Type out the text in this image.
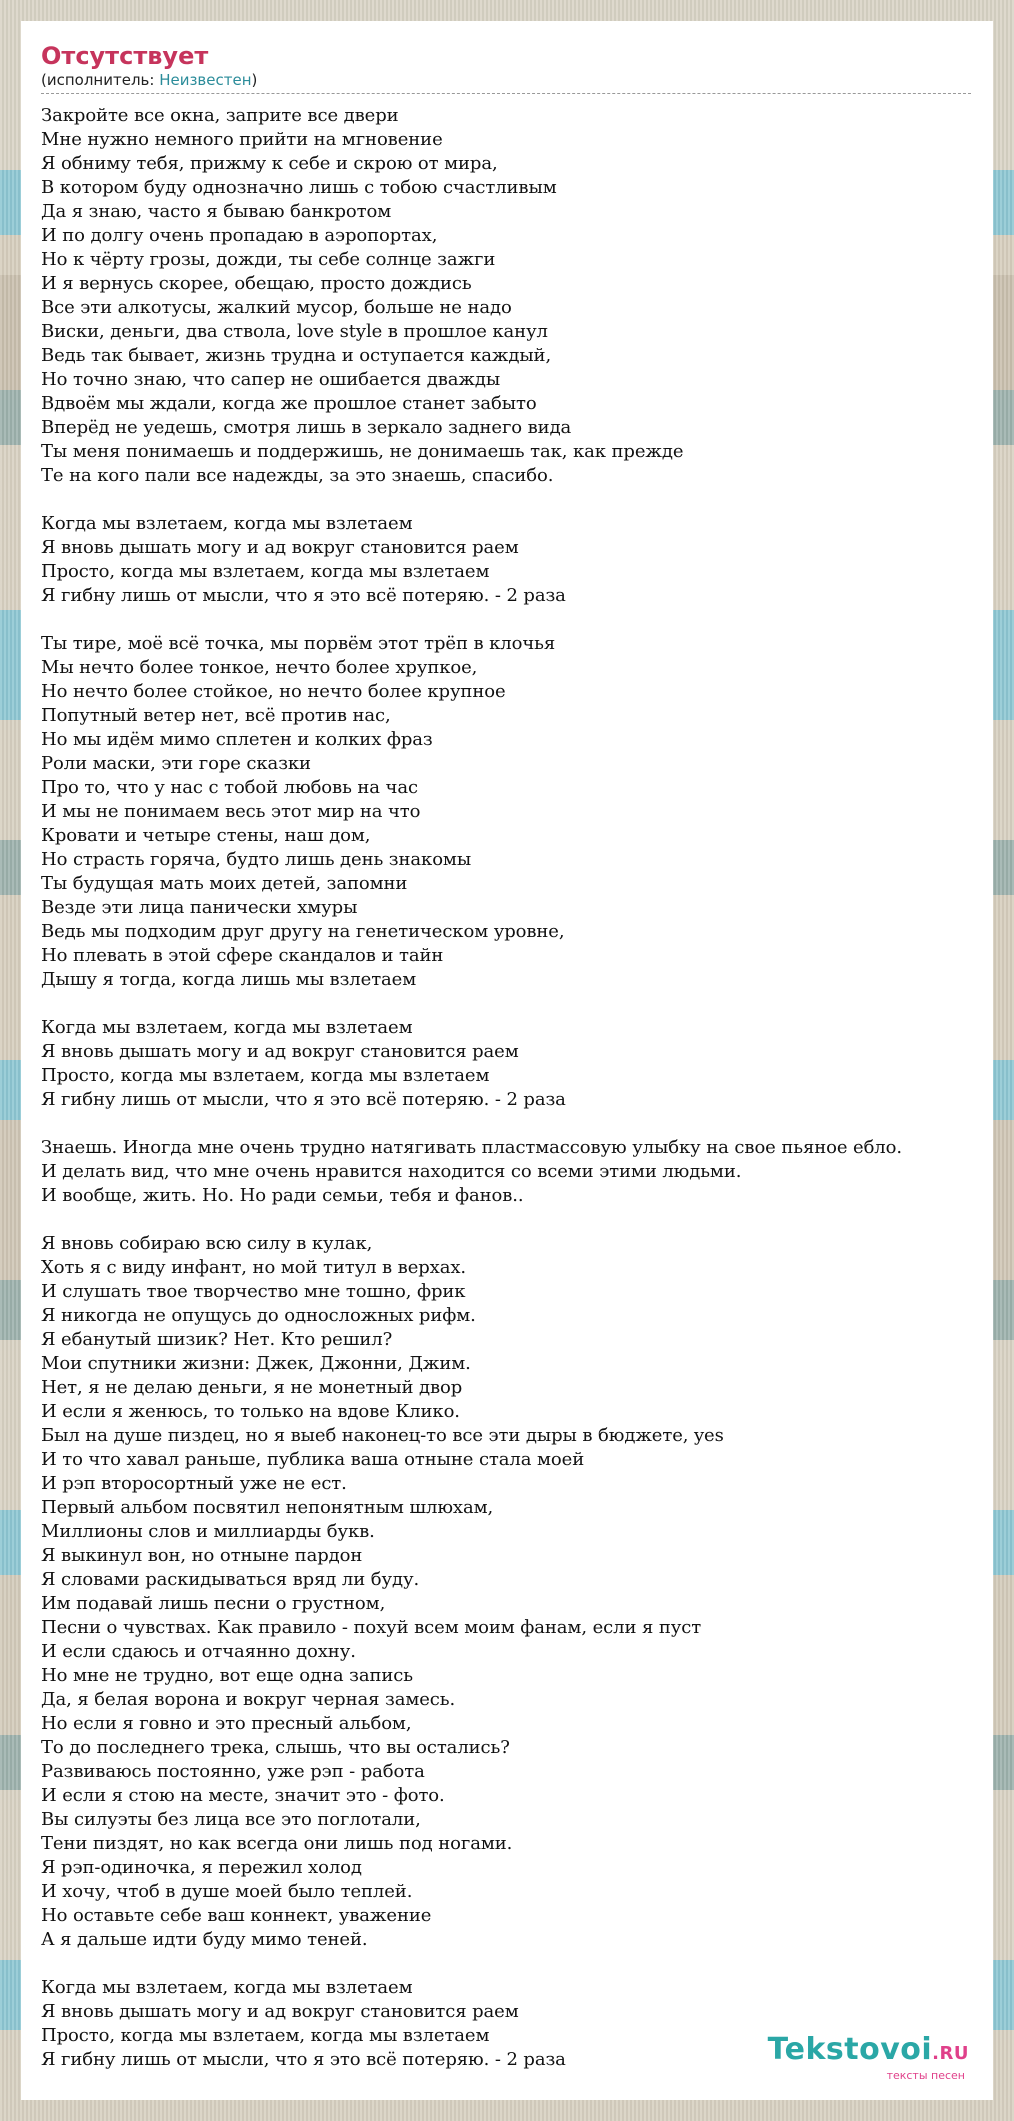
Отсутствует
(исполнитель: Неизвестен)
Закройте все окна, заприте все двери
Мне нужно немного прийти на мгновение
Я обниму тебя, прижму к себе и скрою от мира,
В котором буду однозначно лишь с тобою счастливым
Да я знаю, часто я бываю банкротом
И по долгу очень пропадаю в аэропортах,
Но к чёрту грозы, дожди, ты себе солнце зажги
И я вернусь скорее, обещаю, просто дождись
Все эти алкотусы, жалкий мусор, больше не надо
Виски, деньги, два ствола, love style в прошлое канул
Ведь так бывает, жизнь трудна и оступается каждый,
Но точно знаю, что сапер не ошибается дважды
Вдвоём мы ждали, когда же прошлое станет забыто
Вперёд не уедешь, смотря лишь в зеркало заднего вида
Ты меня понимаешь и поддержишь, не донимаешь так, как прежде
Те на кого пали все надежды, за это знаешь, спасибо.

Когда мы взлетаем, когда мы взлетаем
Я вновь дышать могу и ад вокруг становится раем
Просто, когда мы взлетаем, когда мы взлетаем
Я гибну лишь от мысли, что я это всё потеряю. - 2 раза

Ты тире, моё всё точка, мы порвём этот трёп в клочья
Мы нечто более тонкое, нечто более хрупкое,
Но нечто более стойкое, но нечто более крупное
Попутный ветер нет, всё против нас,
Но мы идём мимо сплетен и колких фраз
Роли маски, эти горе сказки
Про то, что у нас с тобой любовь на час
И мы не понимаем весь этот мир на что
Кровати и четыре стены, наш дом,
Но страсть горяча, будто лишь день знакомы
Ты будущая мать моих детей, запомни
Везде эти лица панически хмуры
Ведь мы подходим друг другу на генетическом уровне,
Но плевать в этой сфере скандалов и тайн
Дышу я тогда, когда лишь мы взлетаем

Когда мы взлетаем, когда мы взлетаем
Я вновь дышать могу и ад вокруг становится раем
Просто, когда мы взлетаем, когда мы взлетаем
Я гибну лишь от мысли, что я это всё потеряю. - 2 раза

Знаешь. Иногда мне очень трудно натягивать пластмассовую улыбку на свое пьяное ебло.
И делать вид, что мне очень нравится находится со всеми этими людьми.
И вообще, жить. Но. Но ради семьи, тебя и фанов..

Я вновь собираю всю силу в кулак,
Хоть я с виду инфант, но мой титул в верхах.
И слушать твое творчество мне тошно, фрик
Я никогда не опущусь до односложных рифм.
Я ебанутый шизик? Нет. Кто решил?
Мои спутники жизни: Джек, Джонни, Джим.
Нет, я не делаю деньги, я не монетный двор
И если я женюсь, то только на вдове Клико.
Был на душе пиздец, но я выеб наконец-то все эти дыры в бюджете, yes
И то что хавал раньше, публика ваша отныне стала моей
И рэп второсортный уже не ест.
Первый альбом посвятил непонятным шлюхам,
Миллионы слов и миллиарды букв.
Я выкинул вон, но отныне пардон
Я словами раскидываться вряд ли буду.
Им подавай лишь песни о грустном,
Песни о чувствах. Как правило - похуй всем моим фанам, если я пуст
И если сдаюсь и отчаянно дохну.
Но мне не трудно, вот еще одна запись
Да, я белая ворона и вокруг черная замесь.
Но если я говно и это пресный альбом,
То до последнего трека, слышь, что вы остались?
Развиваюсь постоянно, уже рэп - работа
И если я стою на месте, значит это - фото.
Вы силуэты без лица все это поглотали,
Тени пиздят, но как всегда они лишь под ногами.
Я рэп-одиночка, я пережил холод
И хочу, чтоб в душе моей было теплей.
Но оставьте себе ваш коннект, уважение
А я дальше идти буду мимо теней.

Когда мы взлетаем, когда мы взлетаем
Я вновь дышать могу и ад вокруг становится раем
Просто, когда мы взлетаем, когда мы взлетаем
Я гибну лишь от мысли, что я это всё потеряю. - 2 раза	Tekstovoi.RU
тексты песен
